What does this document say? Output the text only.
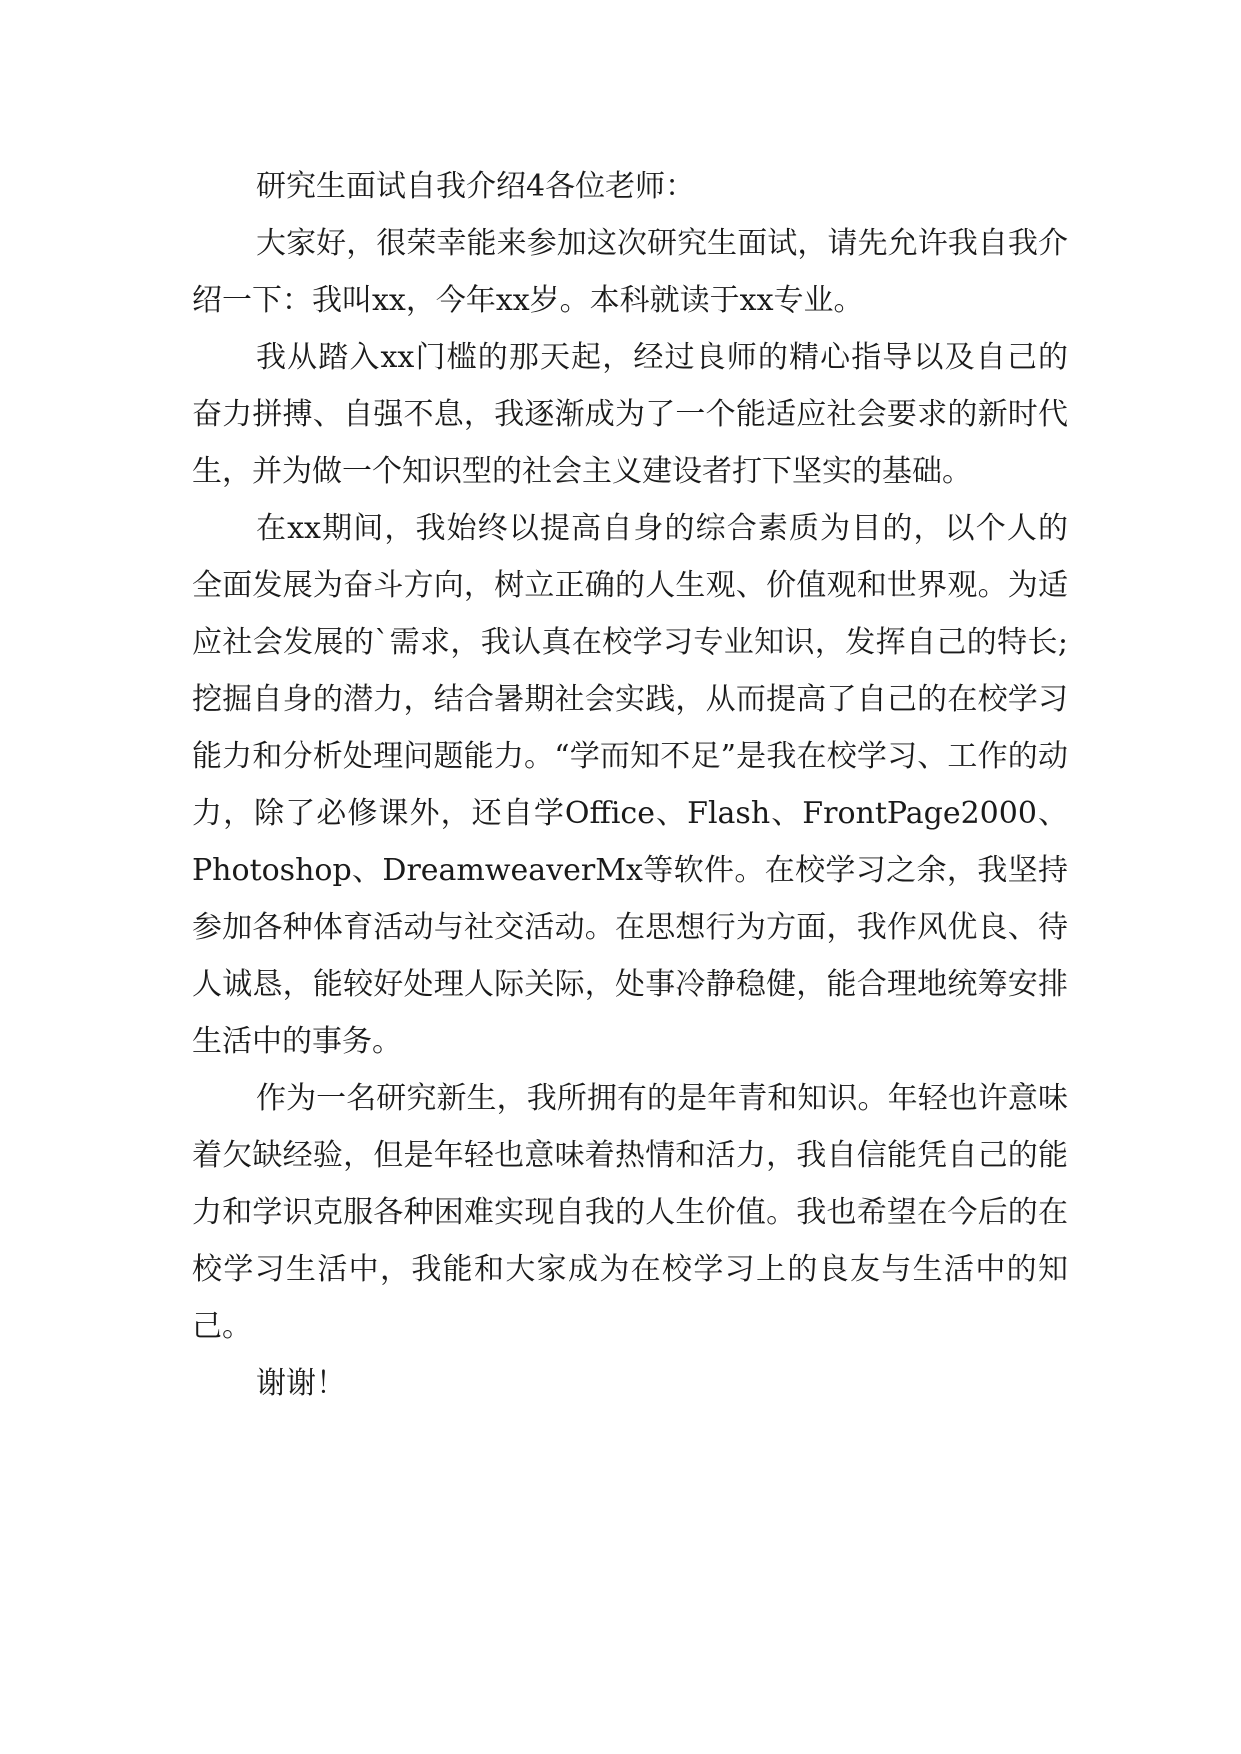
研究生面试自我介绍4各位老师：

大家好，很荣幸能来参加这次研究生面试，请先允许我自我介绍一下：我叫xx，今年xx岁。本科就读于xx专业。

我从踏入xx门槛的那天起，经过良师的精心指导以及自己的奋力拼搏、自强不息，我逐渐成为了一个能适应社会要求的新时代生，并为做一个知识型的社会主义建设者打下坚实的基础。

在xx期间，我始终以提高自身的综合素质为目的，以个人的全面发展为奋斗方向，树立正确的人生观、价值观和世界观。为适应社会发展的`需求，我认真在校学习专业知识，发挥自己的特长;挖掘自身的潜力，结合暑期社会实践，从而提高了自己的在校学习能力和分析处理问题能力。“学而知不足”是我在校学习、工作的动力，除了必修课外，还自学Office、Flash、FrontPage2000、Photoshop、DreamweaverMx等软件。在校学习之余，我坚持参加各种体育活动与社交活动。在思想行为方面，我作风优良、待人诚恳，能较好处理人际关际，处事冷静稳健，能合理地统筹安排生活中的事务。

作为一名研究新生，我所拥有的是年青和知识。年轻也许意味着欠缺经验，但是年轻也意味着热情和活力，我自信能凭自己的能力和学识克服各种困难实现自我的人生价值。我也希望在今后的在校学习生活中，我能和大家成为在校学习上的良友与生活中的知己。

谢谢！
